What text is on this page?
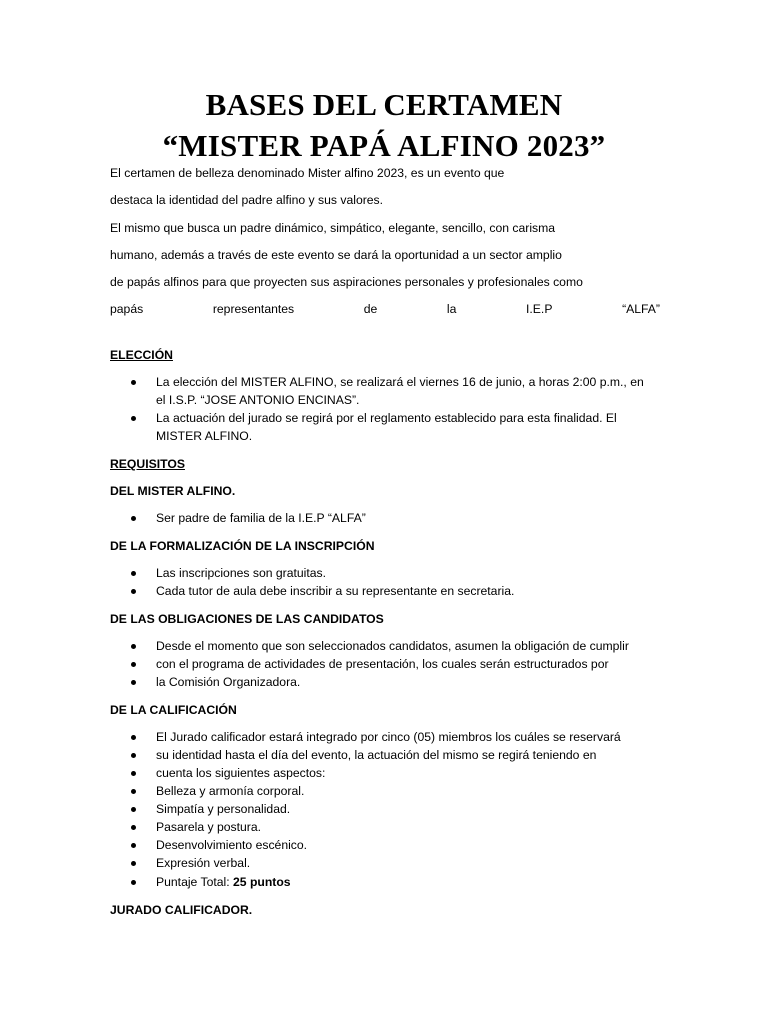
BASES DEL CERTAMEN
“MISTER PAPÁ ALFINO 2023”
El certamen de belleza denominado Mister alfino 2023, es un evento que
destaca la identidad del padre alfino y sus valores.
El mismo que busca un padre dinámico, simpático, elegante, sencillo, con carisma
humano, además a través de este evento se dará la oportunidad a un sector amplio
de papás alfinos para que proyecten sus aspiraciones personales y profesionales como
papás	representantes	de	la	I.E.P	“ALFA”
ELECCIÓN
La elección del MISTER ALFINO, se realizará el viernes 16 de junio, a horas 2:00 p.m., en
el I.S.P. “JOSE ANTONIO ENCINAS”.
La actuación del jurado se regirá por el reglamento establecido para esta finalidad. El
MISTER ALFINO.
REQUISITOS
DEL MISTER ALFINO.
Ser padre de familia de la I.E.P “ALFA”
DE LA FORMALIZACIÓN DE LA INSCRIPCIÓN
Las inscripciones son gratuitas.
Cada tutor de aula debe inscribir a su representante en secretaria.
DE LAS OBLIGACIONES DE LAS CANDIDATOS
Desde el momento que son seleccionados candidatos, asumen la obligación de cumplir
con el programa de actividades de presentación, los cuales serán estructurados por
la Comisión Organizadora.
DE LA CALIFICACIÓN
El Jurado calificador estará integrado por cinco (05) miembros los cuáles se reservará
su identidad hasta el día del evento, la actuación del mismo se regirá teniendo en
cuenta los siguientes aspectos:
Belleza y armonía corporal.
Simpatía y personalidad.
Pasarela y postura.
Desenvolvimiento escénico.
Expresión verbal.
Puntaje Total: 25 puntos
JURADO CALIFICADOR.
